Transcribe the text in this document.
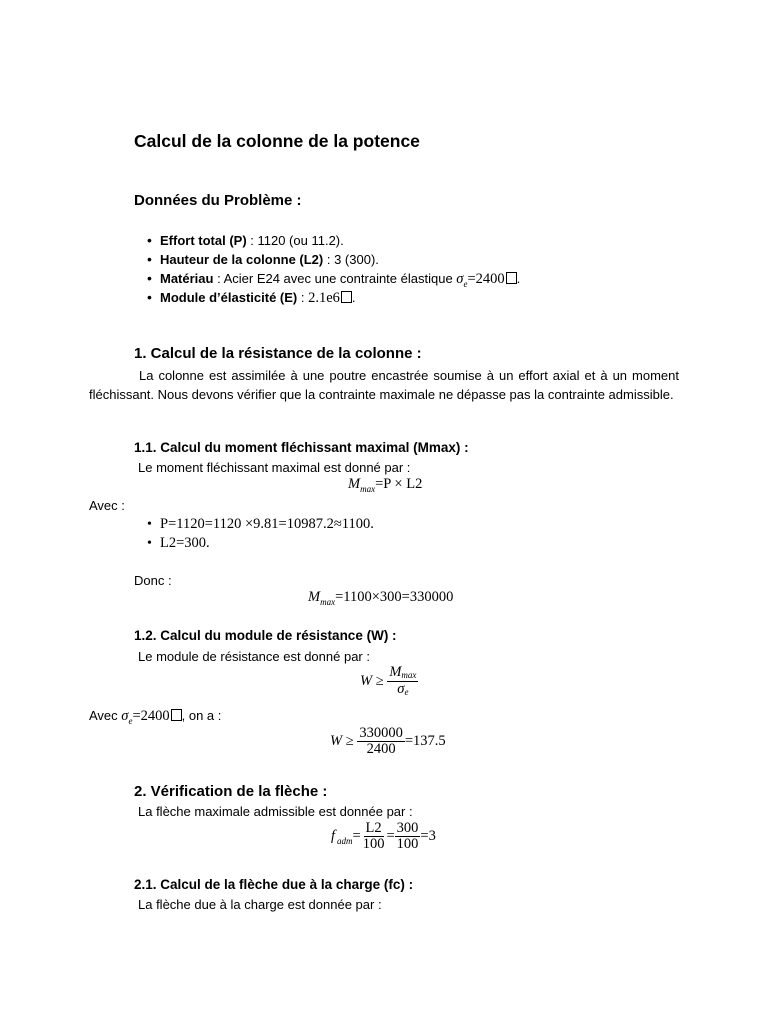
Calcul de la colonne de la potence
Données du Problème :
• Effort total (P) : 1120 (ou 11.2).
• Hauteur de la colonne (L2) : 3 (300).
• Matériau : Acier E24 avec une contrainte élastique $\sigma_e=2400$ .
• Module d’élasticité (E) : 2.1e6 .
1. Calcul de la résistance de la colonne :
La colonne est assimilée à une poutre encastrée soumise à un effort axial et à un moment fléchissant. Nous devons vérifier que la contrainte maximale ne dépasse pas la contrainte admissible.
1.1. Calcul du moment fléchissant maximal (Mmax) :
Le moment fléchissant maximal est donné par :
$M_{max}=P \times L2$
Avec :
• P=1120=1120 ×9.81=10987.2≈1100.
• L2=300.
Donc :
$M_{max}=1100\times 300=330000$
1.2. Calcul du module de résistance (W) :
Le module de résistance est donné par :
$W \ge \frac{Mmax}{\sigma e}$
Avec $\sigma_e=2400$ , on a :
$W \ge \frac{330000}{2400} =137.5$
2. Vérification de la flèche :
La flèche maximale admissible est donnée par :
f adm = $\frac{L2}{100} = \frac{300}{100} =3$
2.1. Calcul de la flèche due à la charge (fc) :
La flèche due à la charge est donnée par :
